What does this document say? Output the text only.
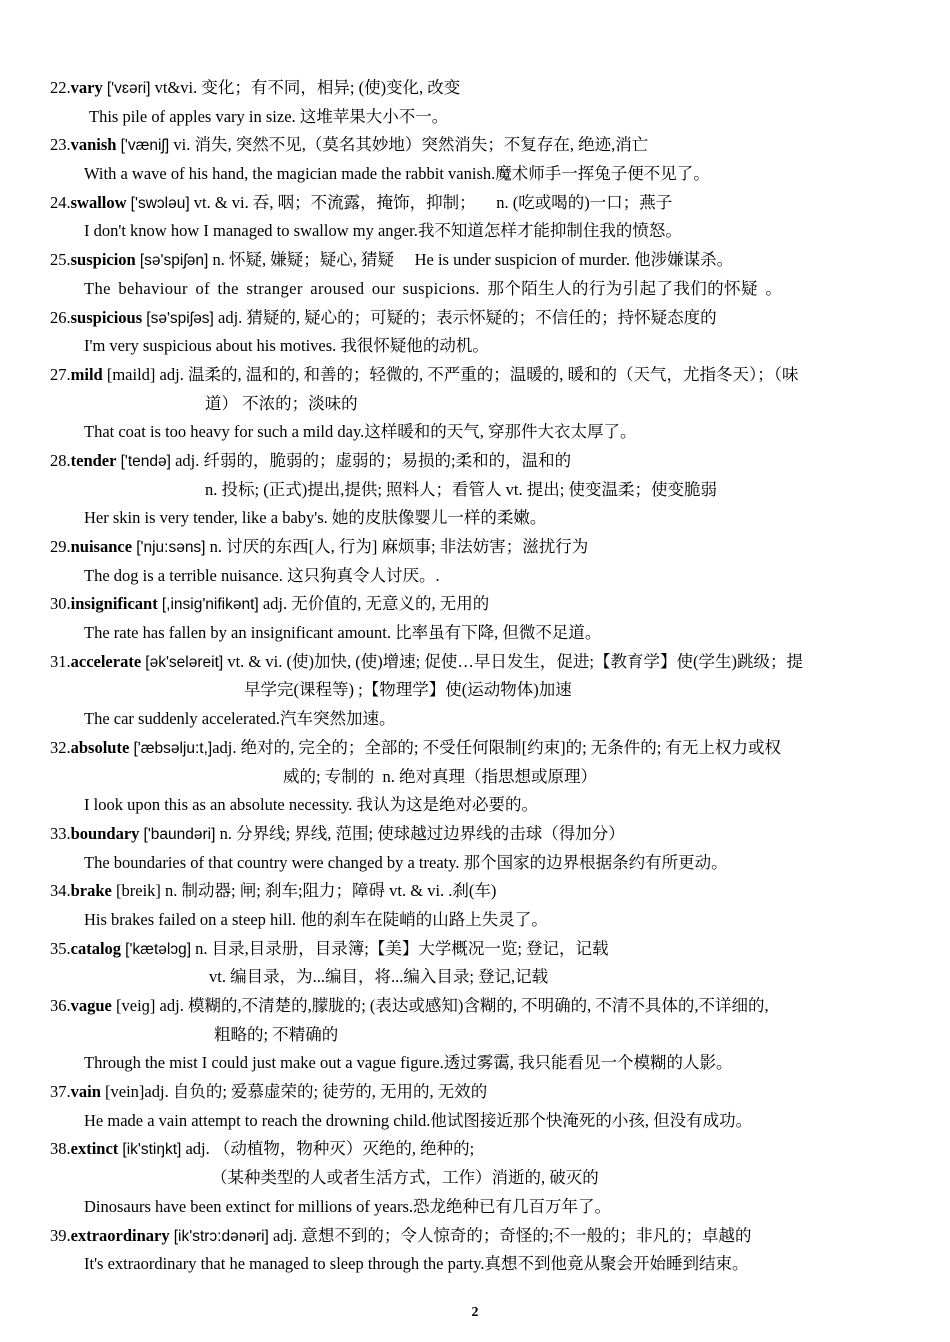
22.vary ['vɛəri] vt&vi. 变化；有不同，相异; (使)变化, 改变
This pile of apples vary in size. 这堆苹果大小不一。
23.vanish ['væniʃ] vi. 消失, 突然不见,（莫名其妙地）突然消失；不复存在, 绝迹,消亡
With a wave of his hand, the magician made the rabbit vanish.魔术师手一挥兔子便不见了。
24.swallow ['swɔləu] vt. & vi. 吞, 咽；不流露，掩饰，抑制；     n. (吃或喝的)一口；燕子
I don't know how I managed to swallow my anger.我不知道怎样才能抑制住我的愤怒。
25.suspicion [sə'spiʃən] n. 怀疑, 嫌疑；疑心, 猜疑     He is under suspicion of murder. 他涉嫌谋杀。
The behaviour of the stranger aroused our suspicions. 那个陌生人的行为引起了我们的怀疑 。
26.suspicious [sə'spiʃəs] adj. 猜疑的, 疑心的；可疑的；表示怀疑的；不信任的；持怀疑态度的
I'm very suspicious about his motives. 我很怀疑他的动机。
27.mild [maild] adj. 温柔的, 温和的, 和善的；轻微的, 不严重的；温暖的, 暖和的（天气，尤指冬天）；（味
道） 不浓的；淡味的
That coat is too heavy for such a mild day.这样暖和的天气, 穿那件大衣太厚了。
28.tender ['tendə] adj. 纤弱的，脆弱的；虚弱的；易损的;柔和的，温和的
n. 投标; (正式)提出,提供; 照料人；看管人 vt. 提出; 使变温柔；使变脆弱
Her skin is very tender, like a baby's. 她的皮肤像婴儿一样的柔嫩。
29.nuisance ['nju:səns] n. 讨厌的东西[人, 行为] 麻烦事; 非法妨害；滋扰行为
The dog is a terrible nuisance. 这只狗真令人讨厌。.
30.insignificant [,insig'nifikənt] adj. 无价值的, 无意义的, 无用的
The rate has fallen by an insignificant amount. 比率虽有下降, 但微不足道。
31.accelerate [ək'seləreit] vt. & vi. (使)加快, (使)增速; 促使…早日发生，促进;【教育学】使(学生)跳级；提
早学完(课程等) ;【物理学】使(运动物体)加速
The car suddenly accelerated.汽车突然加速。
32.absolute ['æbsəlju:t,]adj. 绝对的, 完全的；全部的; 不受任何限制[约束]的; 无条件的; 有无上权力或权
威的; 专制的  n. 绝对真理（指思想或原理）
I look upon this as an absolute necessity. 我认为这是绝对必要的。
33.boundary ['baundəri] n. 分界线; 界线, 范围; 使球越过边界线的击球（得加分）
The boundaries of that country were changed by a treaty. 那个国家的边界根据条约有所更动。
34.brake [breik] n. 制动器; 闸; 刹车;阻力；障碍 vt. & vi. .刹(车)
His brakes failed on a steep hill. 他的刹车在陡峭的山路上失灵了。
35.catalog ['kætəlɔg] n. 目录,目录册，目录簿;【美】大学概况一览; 登记，记载
vt. 编目录，为...编目，将...编入目录; 登记,记载
36.vague [veiɡ] adj. 模糊的,不清楚的,朦胧的; (表达或感知)含糊的, 不明确的, 不清不具体的,不详细的,
粗略的; 不精确的
Through the mist I could just make out a vague figure.透过雾霭, 我只能看见一个模糊的人影。
37.vain [vein]adj. 自负的; 爱慕虚荣的; 徒劳的, 无用的, 无效的
He made a vain attempt to reach the drowning child.他试图接近那个快淹死的小孩, 但没有成功。
38.extinct [ik'stiŋkt] adj. （动植物，物种灭）灭绝的, 绝种的;
（某种类型的人或者生活方式，工作）消逝的, 破灭的
Dinosaurs have been extinct for millions of years.恐龙绝种已有几百万年了。
39.extraordinary [ik'strɔ:dənəri] adj. 意想不到的；令人惊奇的；奇怪的;不一般的；非凡的；卓越的
It's extraordinary that he managed to sleep through the party.真想不到他竟从聚会开始睡到结束。
2
